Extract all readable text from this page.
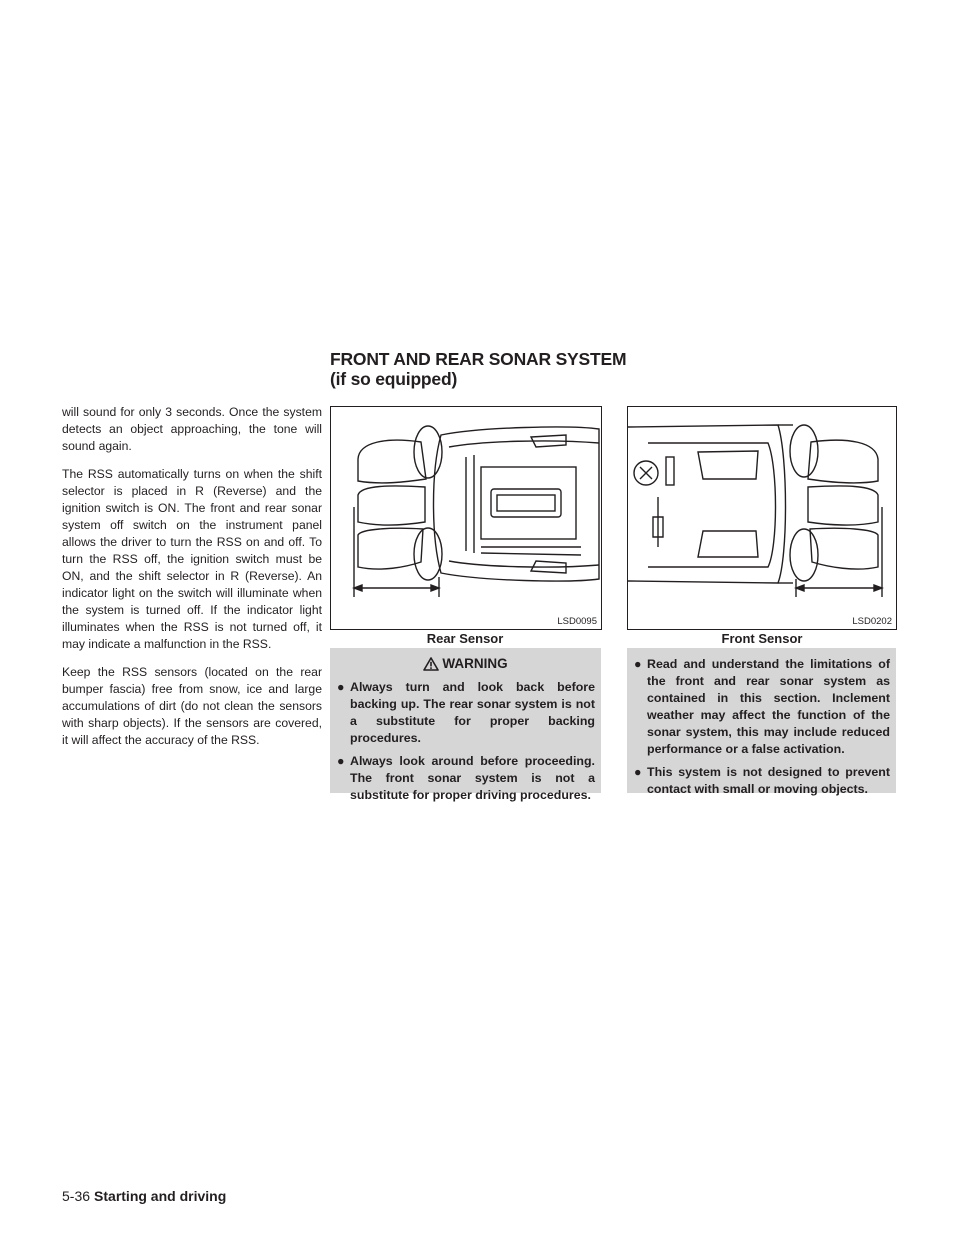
will sound for only 3 seconds. Once the system detects an object approaching, the tone will sound again.

The RSS automatically turns on when the shift selector is placed in R (Reverse) and the ignition switch is ON. The front and rear sonar system off switch on the instrument panel allows the driver to turn the RSS on and off. To turn the RSS off, the ignition switch must be ON, and the shift selector in R (Reverse). An indicator light on the switch will illuminate when the system is turned off. If the indicator light illuminates when the RSS is not turned off, it may indicate a malfunction in the RSS.

Keep the RSS sensors (located on the rear bumper fascia) free from snow, ice and large accumulations of dirt (do not clean the sensors with sharp objects). If the sensors are covered, it will affect the accuracy of the RSS.

FRONT AND REAR SONAR SYSTEM
(if so equipped)
LSD0095
Rear Sensor
LSD0202
Front Sensor
WARNING
● Always turn and look back before backing up. The rear sonar system is not a substitute for proper backing procedures.
● Always look around before proceeding. The front sonar system is not a substitute for proper driving procedures.
● Read and understand the limitations of the front and rear sonar system as contained in this section. Inclement weather may affect the function of the sonar system, this may include reduced performance or a false activation.
● This system is not designed to prevent contact with small or moving objects.
5-36 Starting and driving
